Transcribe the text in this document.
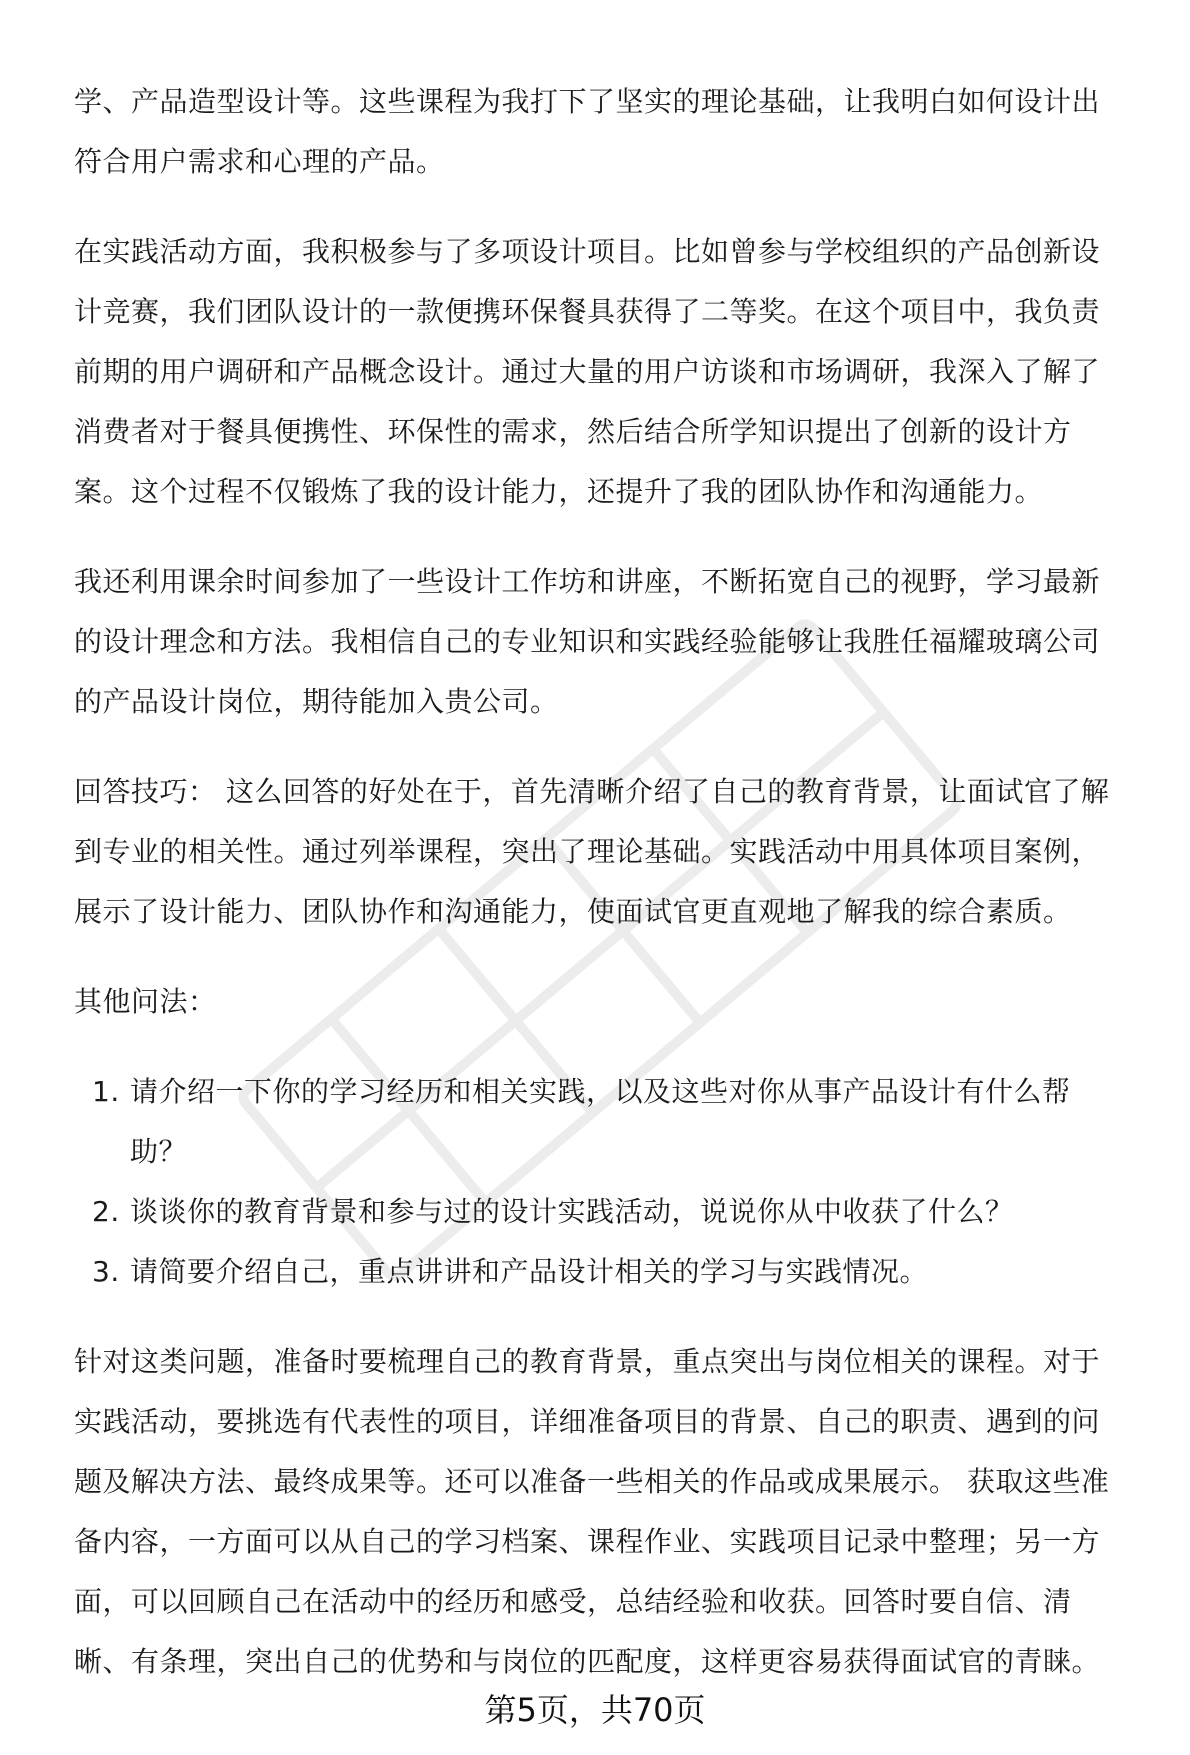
学、产品造型设计等。这些课程为我打下了坚实的理论基础，让我明白如何设计出
符合用户需求和心理的产品。

在实践活动方面，我积极参与了多项设计项目。比如曾参与学校组织的产品创新设
计竞赛，我们团队设计的一款便携环保餐具获得了二等奖。在这个项目中，我负责
前期的用户调研和产品概念设计。通过大量的用户访谈和市场调研，我深入了解了
消费者对于餐具便携性、环保性的需求，然后结合所学知识提出了创新的设计方
案。这个过程不仅锻炼了我的设计能力，还提升了我的团队协作和沟通能力。

我还利用课余时间参加了一些设计工作坊和讲座，不断拓宽自己的视野，学习最新
的设计理念和方法。我相信自己的专业知识和实践经验能够让我胜任福耀玻璃公司
的产品设计岗位，期待能加入贵公司。

回答技巧： 这么回答的好处在于，首先清晰介绍了自己的教育背景，让面试官了解
到专业的相关性。通过列举课程，突出了理论基础。实践活动中用具体项目案例，
展示了设计能力、团队协作和沟通能力，使面试官更直观地了解我的综合素质。

其他问法：

1. 请介绍一下你的学习经历和相关实践，以及这些对你从事产品设计有什么帮
助？
2. 谈谈你的教育背景和参与过的设计实践活动，说说你从中收获了什么？
3. 请简要介绍自己，重点讲讲和产品设计相关的学习与实践情况。

针对这类问题，准备时要梳理自己的教育背景，重点突出与岗位相关的课程。对于
实践活动，要挑选有代表性的项目，详细准备项目的背景、自己的职责、遇到的问
题及解决方法、最终成果等。还可以准备一些相关的作品或成果展示。 获取这些准
备内容，一方面可以从自己的学习档案、课程作业、实践项目记录中整理；另一方
面，可以回顾自己在活动中的经历和感受，总结经验和收获。回答时要自信、清
晰、有条理，突出自己的优势和与岗位的匹配度，这样更容易获得面试官的青睐。

第5页，共70页
